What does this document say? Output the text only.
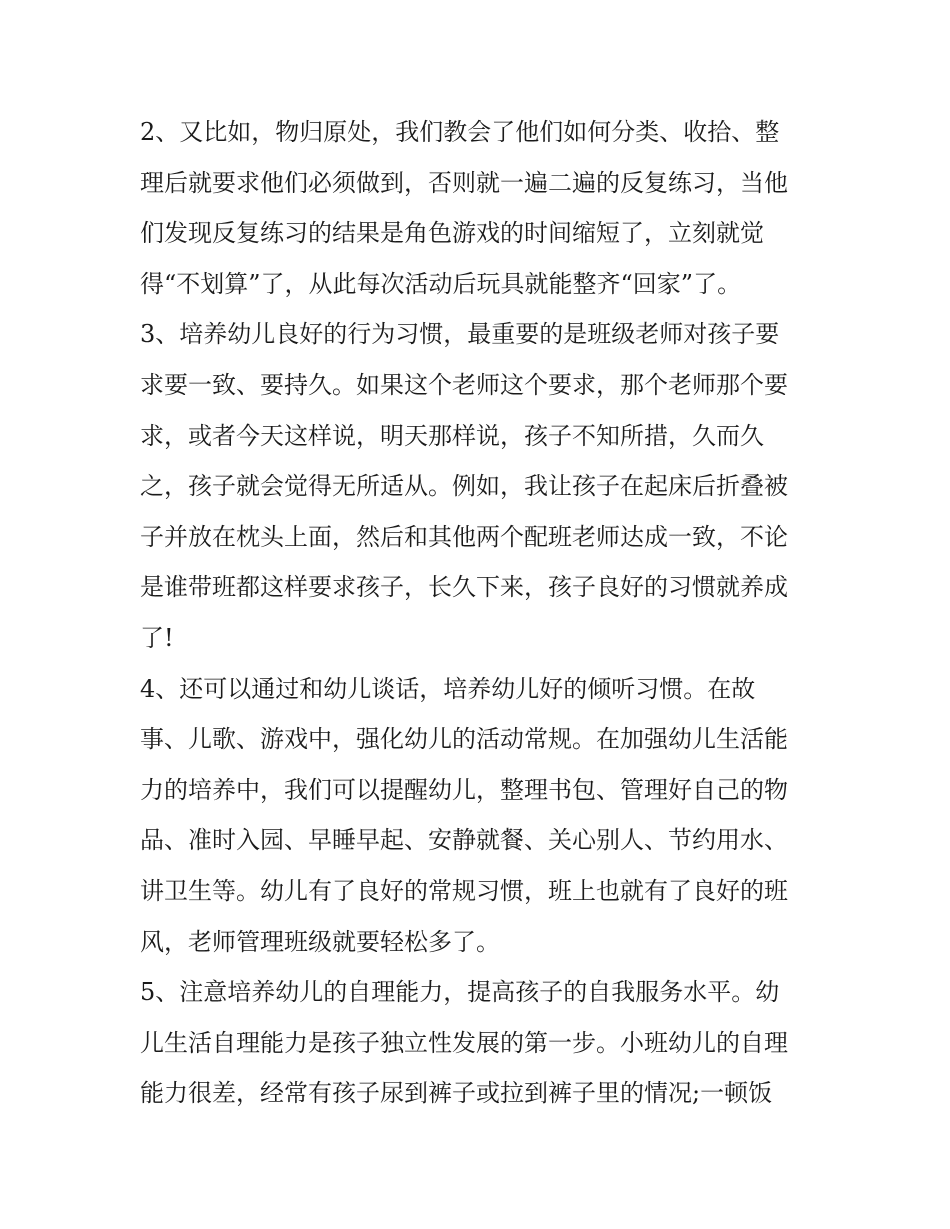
2、又比如，物归原处，我们教会了他们如何分类、收拾、整
理后就要求他们必须做到，否则就一遍二遍的反复练习，当他
们发现反复练习的结果是角色游戏的时间缩短了，立刻就觉
得“不划算”了，从此每次活动后玩具就能整齐“回家”了。
3、培养幼儿良好的行为习惯，最重要的是班级老师对孩子要
求要一致、要持久。如果这个老师这个要求，那个老师那个要
求，或者今天这样说，明天那样说，孩子不知所措，久而久
之，孩子就会觉得无所适从。例如，我让孩子在起床后折叠被
子并放在枕头上面，然后和其他两个配班老师达成一致，不论
是谁带班都这样要求孩子，长久下来，孩子良好的习惯就养成
了!
4、还可以通过和幼儿谈话，培养幼儿好的倾听习惯。在故
事、儿歌、游戏中，强化幼儿的活动常规。在加强幼儿生活能
力的培养中，我们可以提醒幼儿，整理书包、管理好自己的物
品、准时入园、早睡早起、安静就餐、关心别人、节约用水、
讲卫生等。幼儿有了良好的常规习惯，班上也就有了良好的班
风，老师管理班级就要轻松多了。
5、注意培养幼儿的自理能力，提高孩子的自我服务水平。幼
儿生活自理能力是孩子独立性发展的第一步。小班幼儿的自理
能力很差，经常有孩子尿到裤子或拉到裤子里的情况;一顿饭
